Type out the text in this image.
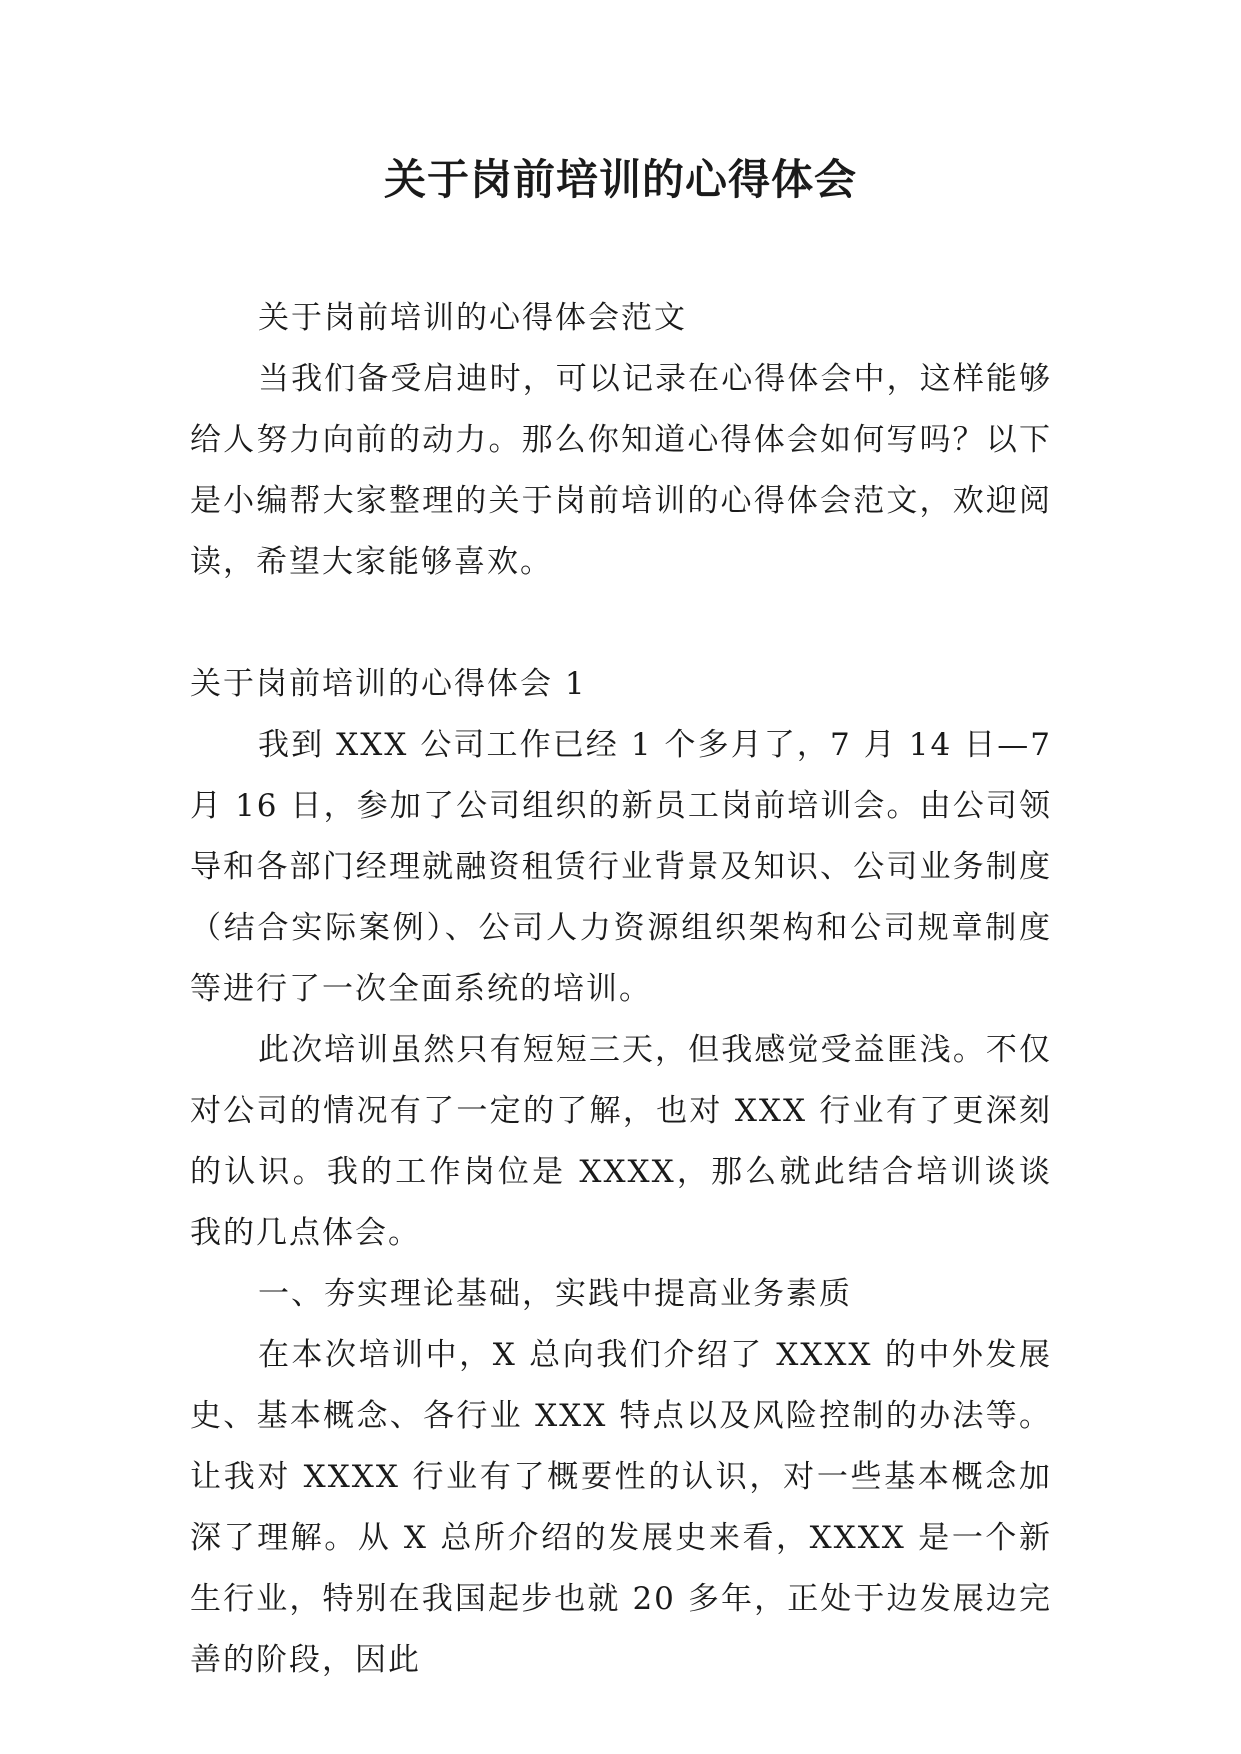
关于岗前培训的心得体会

关于岗前培训的心得体会范文

当我们备受启迪时，可以记录在心得体会中，这样能够给人努力向前的动力。那么你知道心得体会如何写吗？以下是小编帮大家整理的关于岗前培训的心得体会范文，欢迎阅读，希望大家能够喜欢。

关于岗前培训的心得体会 1

我到 XXX 公司工作已经 1 个多月了，7 月 14 日—7 月 16 日，参加了公司组织的新员工岗前培训会。由公司领导和各部门经理就融资租赁行业背景及知识、公司业务制度（结合实际案例）、公司人力资源组织架构和公司规章制度等进行了一次全面系统的培训。

此次培训虽然只有短短三天，但我感觉受益匪浅。不仅对公司的情况有了一定的了解，也对 XXX 行业有了更深刻的认识。我的工作岗位是 XXXX，那么就此结合培训谈谈我的几点体会。

一、夯实理论基础，实践中提高业务素质

在本次培训中，X 总向我们介绍了 XXXX 的中外发展史、基本概念、各行业 XXX 特点以及风险控制的办法等。让我对 XXXX 行业有了概要性的认识，对一些基本概念加深了理解。从 X 总所介绍的发展史来看，XXXX 是一个新生行业，特别在我国起步也就 20 多年，正处于边发展边完善的阶段，因此
